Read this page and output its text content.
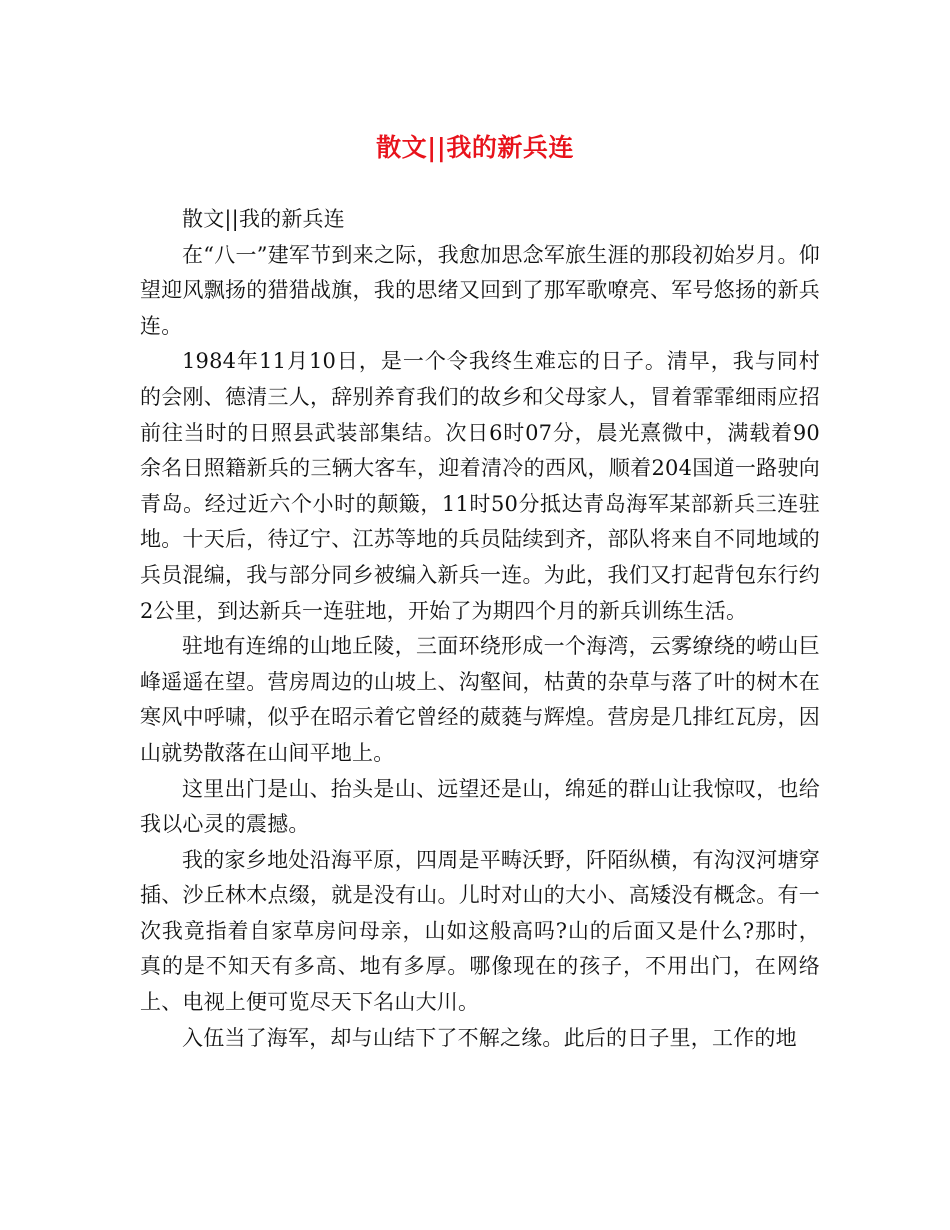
散文||我的新兵连

散文||我的新兵连

在“八一”建军节到来之际，我愈加思念军旅生涯的那段初始岁月。仰望迎风飘扬的猎猎战旗，我的思绪又回到了那军歌嘹亮、军号悠扬的新兵连。

1984年11月10日，是一个令我终生难忘的日子。清早，我与同村的会刚、德清三人，辞别养育我们的故乡和父母家人，冒着霏霏细雨应招前往当时的日照县武装部集结。次日6时07分，晨光熹微中，满载着90余名日照籍新兵的三辆大客车，迎着清冷的西风，顺着204国道一路驶向青岛。经过近六个小时的颠簸，11时50分抵达青岛海军某部新兵三连驻地。十天后，待辽宁、江苏等地的兵员陆续到齐，部队将来自不同地域的兵员混编，我与部分同乡被编入新兵一连。为此，我们又打起背包东行约2公里，到达新兵一连驻地，开始了为期四个月的新兵训练生活。

驻地有连绵的山地丘陵，三面环绕形成一个海湾，云雾缭绕的崂山巨峰遥遥在望。营房周边的山坡上、沟壑间，枯黄的杂草与落了叶的树木在寒风中呼啸，似乎在昭示着它曾经的葳蕤与辉煌。营房是几排红瓦房，因山就势散落在山间平地上。

这里出门是山、抬头是山、远望还是山，绵延的群山让我惊叹，也给我以心灵的震撼。

我的家乡地处沿海平原，四周是平畴沃野，阡陌纵横，有沟汊河塘穿插、沙丘林木点缀，就是没有山。儿时对山的大小、高矮没有概念。有一次我竟指着自家草房问母亲，山如这般高吗?山的后面又是什么?那时，真的是不知天有多高、地有多厚。哪像现在的孩子，不用出门，在网络上、电视上便可览尽天下名山大川。

入伍当了海军，却与山结下了不解之缘。此后的日子里，工作的地
